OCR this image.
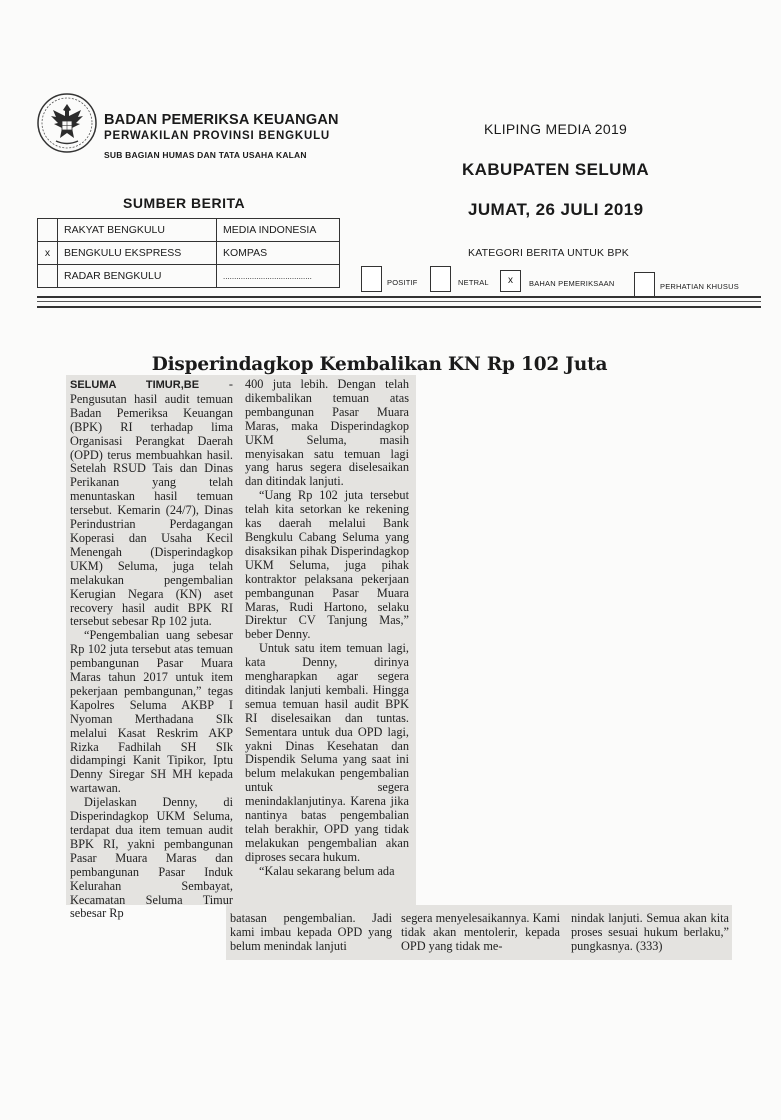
BADAN PEMERIKSA KEUANGAN
PERWAKILAN PROVINSI BENGKULU
SUB BAGIAN HUMAS DAN TATA USAHA KALAN
KLIPING MEDIA 2019
KABUPATEN SELUMA
JUMAT, 26 JULI 2019
SUMBER BERITA
	RAKYAT BENGKULU	MEDIA INDONESIA
x	BENGKULU EKSPRESS	KOMPAS
	RADAR BENGKULU	........................................
KATEGORI BERITA UNTUK BPK
POSITIF	NETRAL	x	BAHAN PEMERIKSAAN	PERHATIAN KHUSUS
Disperindagkop Kembalikan KN Rp 102 Juta

SELUMA TIMUR,BE - Pengusutan hasil audit temuan Badan Pemeriksa Keuangan (BPK) RI terhadap lima Organisasi Perangkat Daerah (OPD) terus membuahkan hasil. Setelah RSUD Tais dan Dinas Perikanan yang telah menuntaskan hasil temuan tersebut. Kemarin (24/7), Dinas Perindustrian Perdagangan Koperasi dan Usaha Kecil Menengah (Disperindagkop UKM) Seluma, juga telah melakukan pengembalian Kerugian Negara (KN) aset recovery hasil audit BPK RI tersebut sebesar Rp 102 juta.

“Pengembalian uang sebesar Rp 102 juta tersebut atas temuan pembangunan Pasar Muara Maras tahun 2017 untuk item pekerjaan pembangunan,” tegas Kapolres Seluma AKBP I Nyoman Merthadana SIk melalui Kasat Reskrim AKP Rizka Fadhilah SH SIk didampingi Kanit Tipikor, Iptu Denny Siregar SH MH kepada wartawan.

Dijelaskan Denny, di Disperindagkop UKM Seluma, terdapat dua item temuan audit BPK RI, yakni pembangunan Pasar Muara Maras dan pembangunan Pasar Induk Kelurahan Sembayat, Kecamatan Seluma Timur sebesar Rp

400 juta lebih. Dengan telah dikembalikan temuan atas pembangunan Pasar Muara Maras, maka Disperindagkop UKM Seluma, masih menyisakan satu temuan lagi yang harus segera diselesaikan dan ditindak lanjuti.

“Uang Rp 102 juta tersebut telah kita setorkan ke rekening kas daerah melalui Bank Bengkulu Cabang Seluma yang disaksikan pihak Disperindagkop UKM Seluma, juga pihak kontraktor pelaksana pekerjaan pembangunan Pasar Muara Maras, Rudi Hartono, selaku Direktur CV Tanjung Mas,” beber Denny.

Untuk satu item temuan lagi, kata Denny, dirinya mengharapkan agar segera ditindak lanjuti kembali. Hingga semua temuan hasil audit BPK RI diselesaikan dan tuntas. Sementara untuk dua OPD lagi, yakni Dinas Kesehatan dan Dispendik Seluma yang saat ini belum melakukan pengembalian untuk segera menindaklanjutinya. Karena jika nantinya batas pengembalian telah berakhir, OPD yang tidak melakukan pengembalian akan diproses secara hukum.

“Kalau sekarang belum ada

batasan pengembalian. Jadi kami imbau kepada OPD yang belum menindak lanjuti

segera menyelesaikannya. Kami tidak akan mentolerir, kepada OPD yang tidak me-

nindak lanjuti. Semua akan kita proses sesuai hukum berlaku,” pungkasnya. (333)
